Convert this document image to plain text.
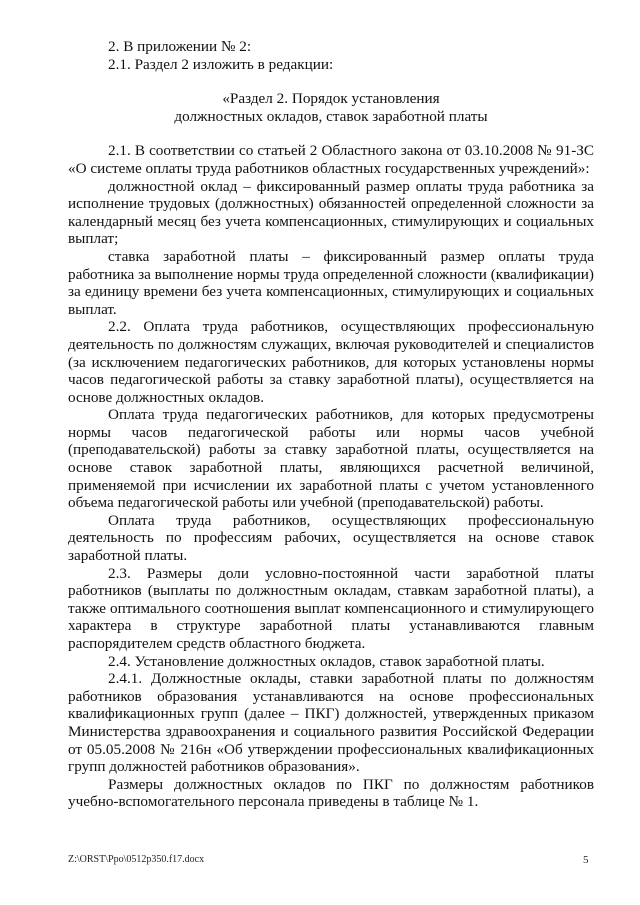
2. В приложении № 2:

2.1. Раздел 2 изложить в редакции:

«Раздел 2. Порядок установления

должностных окладов, ставок заработной платы

2.1. В соответствии со статьей 2 Областного закона от 03.10.2008 № 91-ЗС «О системе оплаты труда работников областных государственных учреждений»:

должностной оклад – фиксированный размер оплаты труда работника за исполнение трудовых (должностных) обязанностей определенной сложности за календарный месяц без учета компенсационных, стимулирующих и социальных выплат;

ставка заработной платы – фиксированный размер оплаты труда работника за выполнение нормы труда определенной сложности (квалификации) за единицу времени без учета компенсационных, стимулирующих и социальных выплат.

2.2. Оплата труда работников, осуществляющих профессиональную деятельность по должностям служащих, включая руководителей и специалистов (за исключением педагогических работников, для которых установлены нормы часов педагогической работы за ставку заработной платы), осуществляется на основе должностных окладов.

Оплата труда педагогических работников, для которых предусмотрены нормы часов педагогической работы или нормы часов учебной (преподавательской) работы за ставку заработной платы, осуществляется на основе ставок заработной платы, являющихся расчетной величиной, применяемой при исчислении их заработной платы с учетом установленного объема педагогической работы или учебной (преподавательской) работы.

Оплата труда работников, осуществляющих профессиональную деятельность по профессиям рабочих, осуществляется на основе ставок заработной платы.

2.3. Размеры доли условно-постоянной части заработной платы работников (выплаты по должностным окладам, ставкам заработной платы), а также оптимального соотношения выплат компенсационного и стимулирующего характера в структуре заработной платы устанавливаются главным распорядителем средств областного бюджета.

2.4. Установление должностных окладов, ставок заработной платы.

2.4.1. Должностные оклады, ставки заработной платы по должностям работников образования устанавливаются на основе профессиональных квалификационных групп (далее – ПКГ) должностей, утвержденных приказом Министерства здравоохранения и социального развития Российской Федерации от 05.05.2008 № 216н «Об утверждении профессиональных квалификационных групп должностей работников образования».

Размеры должностных окладов по ПКГ по должностям работников учебно-вспомогательного персонала приведены в таблице № 1.

Z:\ORST\Ppo\0512p350.f17.docx	5
